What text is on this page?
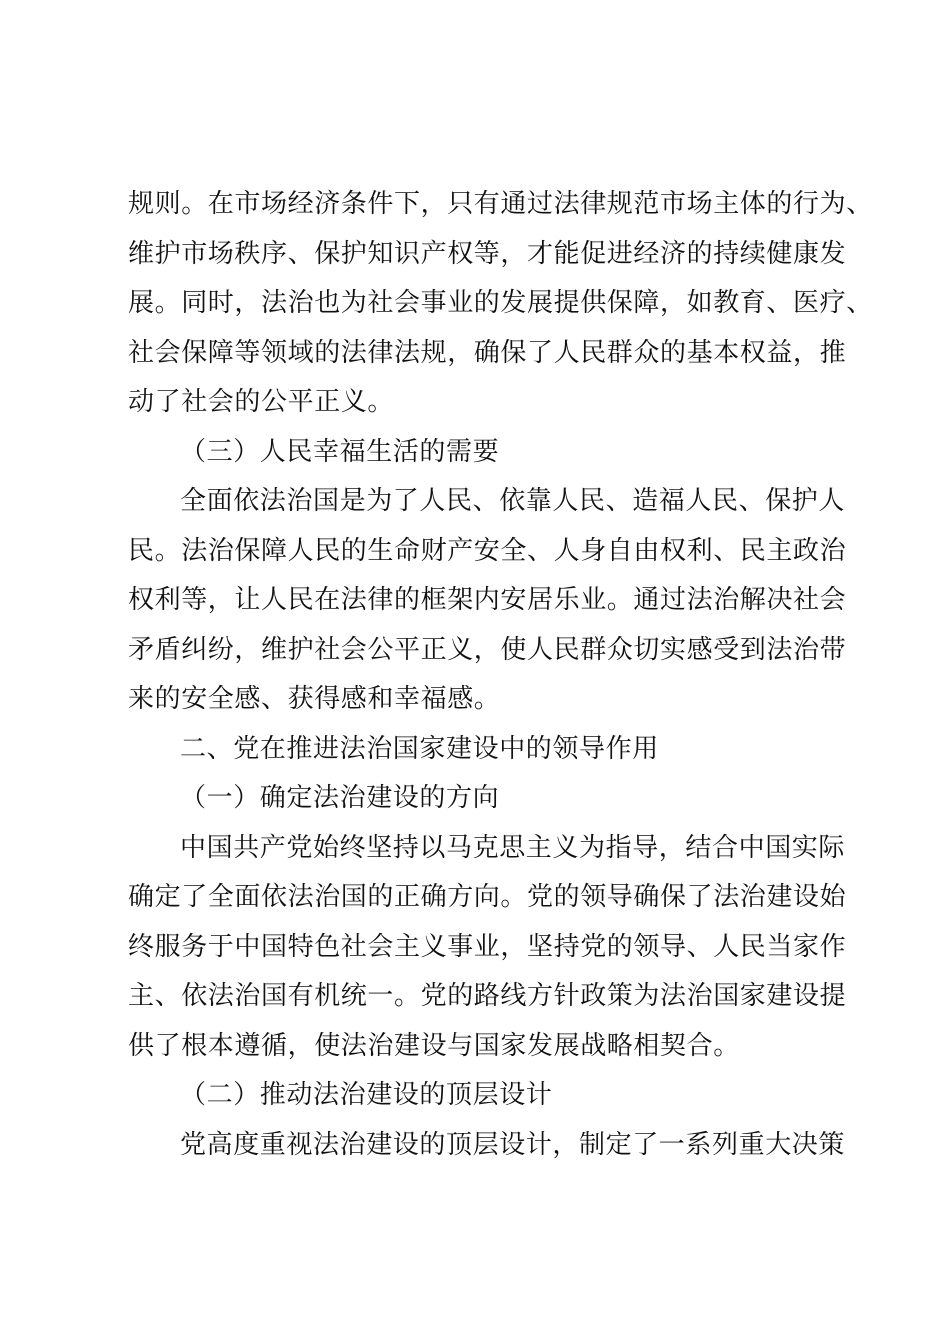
规则。在市场经济条件下，只有通过法律规范市场主体的行为、
维护市场秩序、保护知识产权等，才能促进经济的持续健康发
展。同时，法治也为社会事业的发展提供保障，如教育、医疗、
社会保障等领域的法律法规，确保了人民群众的基本权益，推
动了社会的公平正义。
（三）人民幸福生活的需要
全面依法治国是为了人民、依靠人民、造福人民、保护人
民。法治保障人民的生命财产安全、人身自由权利、民主政治
权利等，让人民在法律的框架内安居乐业。通过法治解决社会
矛盾纠纷，维护社会公平正义，使人民群众切实感受到法治带
来的安全感、获得感和幸福感。
二、党在推进法治国家建设中的领导作用
（一）确定法治建设的方向
中国共产党始终坚持以马克思主义为指导，结合中国实际
确定了全面依法治国的正确方向。党的领导确保了法治建设始
终服务于中国特色社会主义事业，坚持党的领导、人民当家作
主、依法治国有机统一。党的路线方针政策为法治国家建设提
供了根本遵循，使法治建设与国家发展战略相契合。
（二）推动法治建设的顶层设计
党高度重视法治建设的顶层设计，制定了一系列重大决策
